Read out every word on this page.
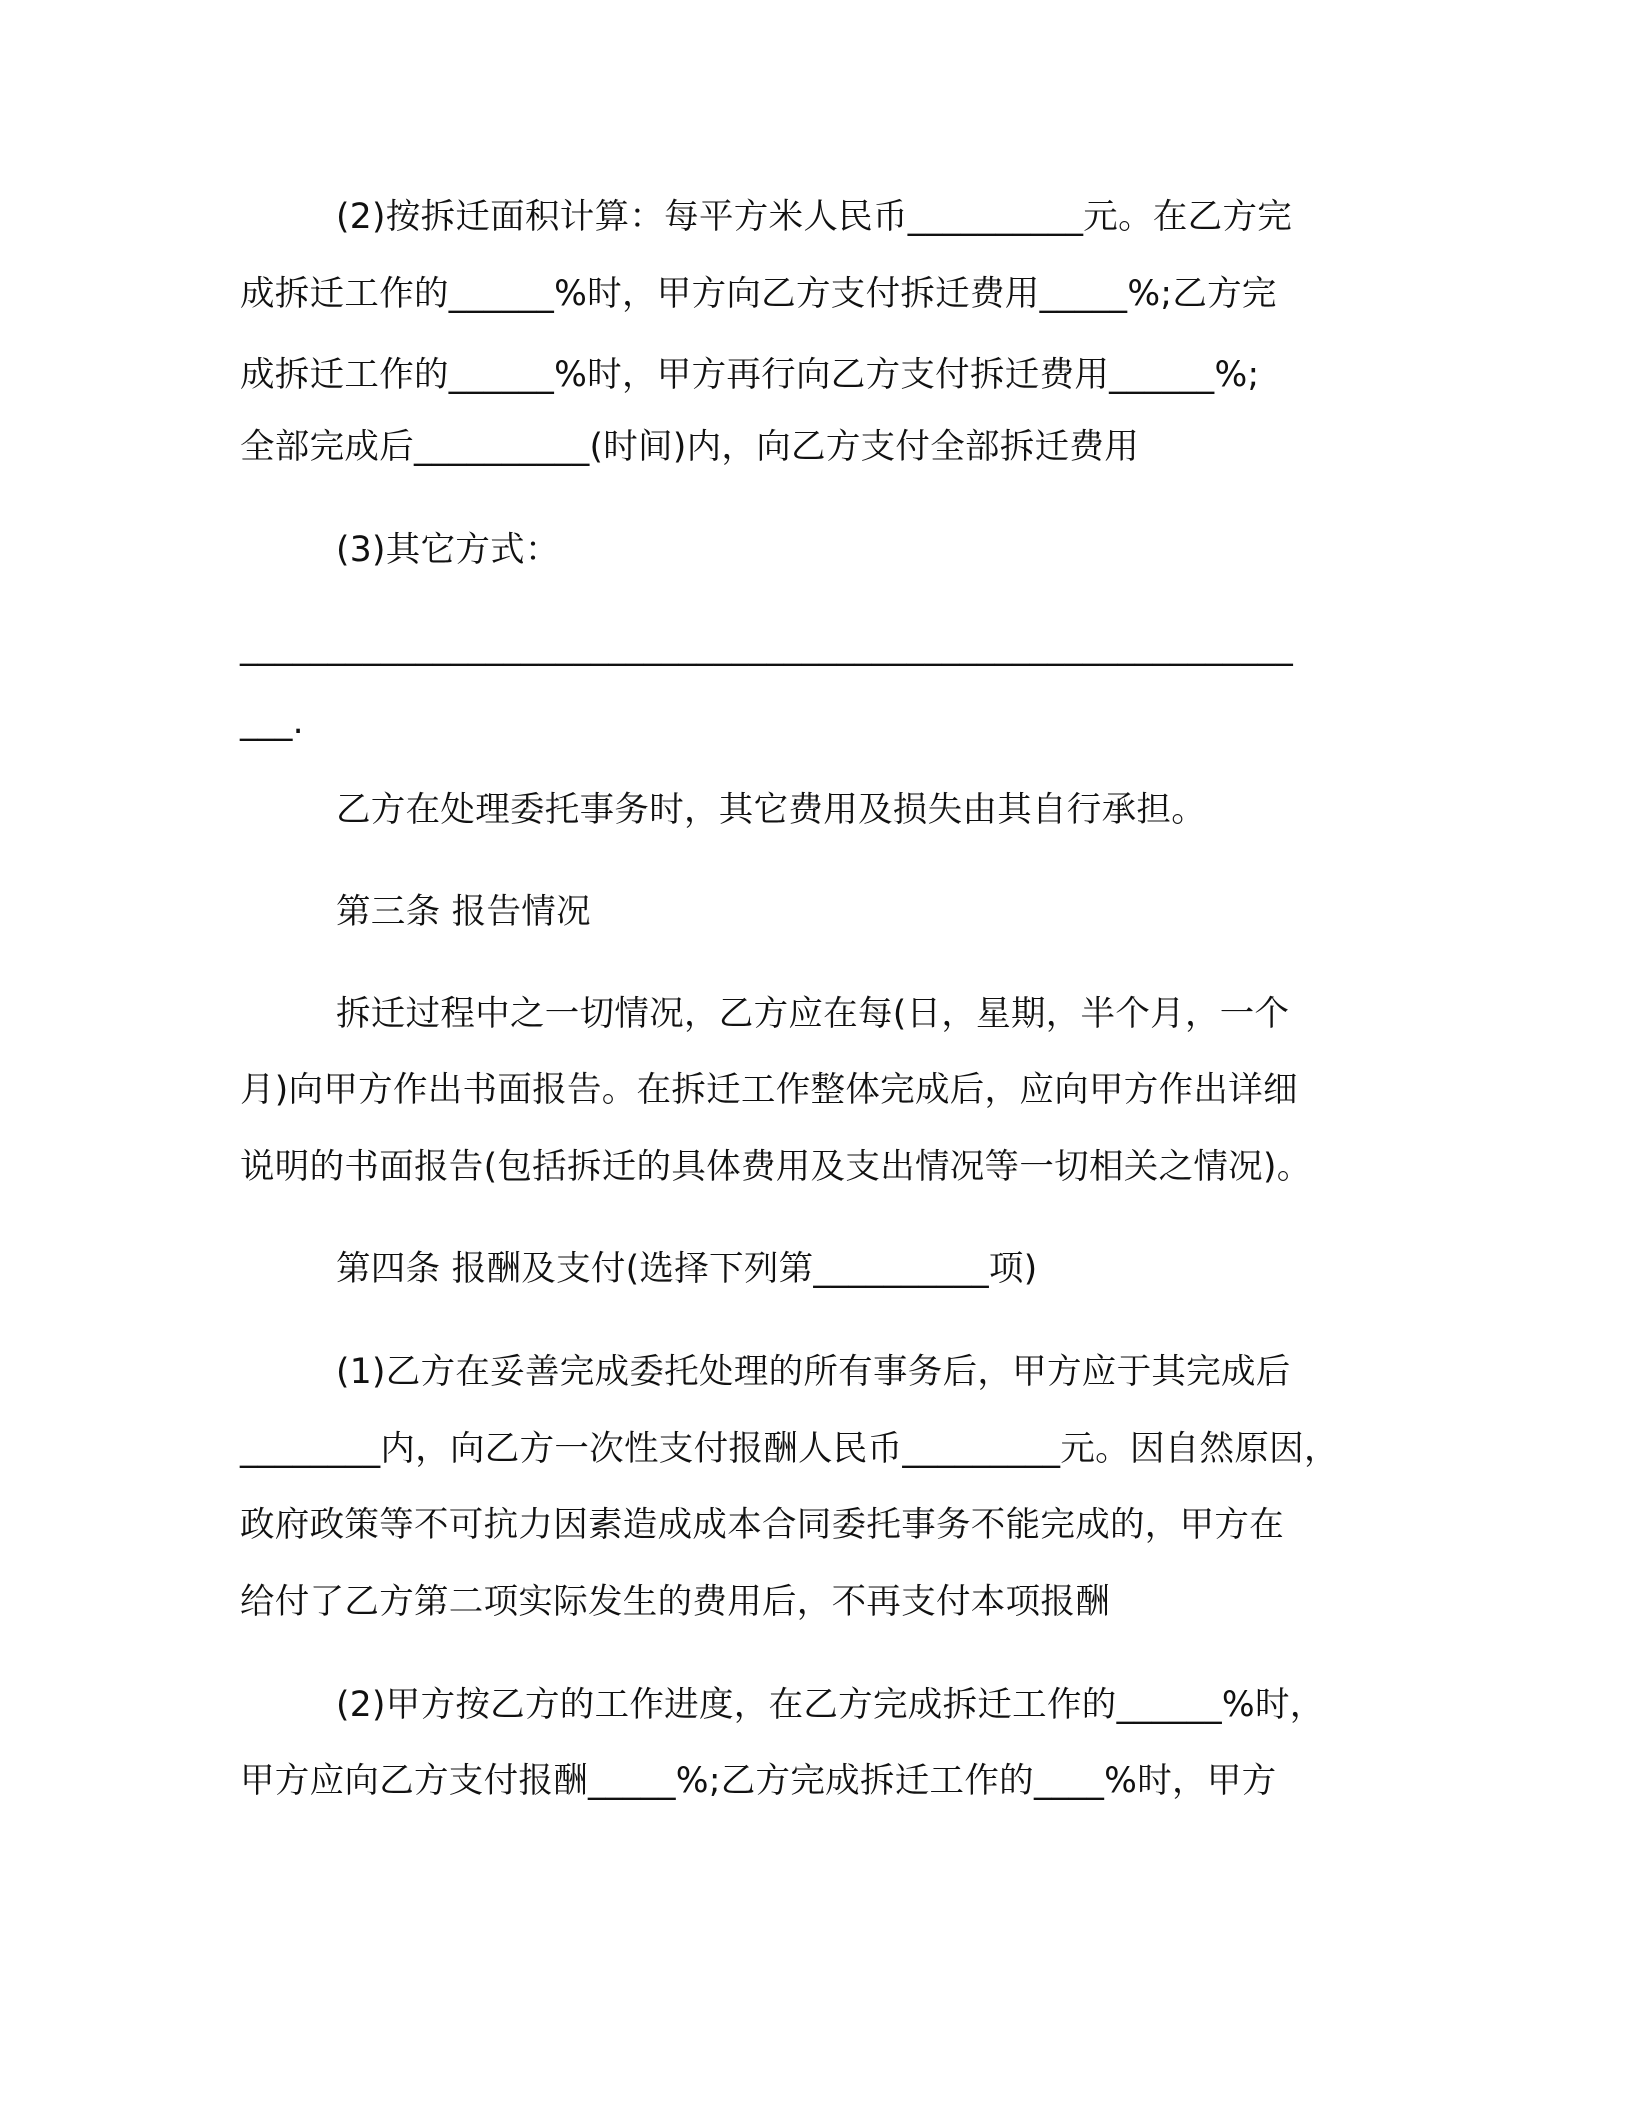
(2)按拆迁面积计算：每平方米人民币__________元。在乙方完

成拆迁工作的______%时，甲方向乙方支付拆迁费用_____%;乙方完

成拆迁工作的______%时，甲方再行向乙方支付拆迁费用______%;

全部完成后__________(时间)内，向乙方支付全部拆迁费用

(3)其它方式：

____________________________________________________________

___.

乙方在处理委托事务时，其它费用及损失由其自行承担。

第三条 报告情况

拆迁过程中之一切情况，乙方应在每(日，星期，半个月，一个

月)向甲方作出书面报告。在拆迁工作整体完成后，应向甲方作出详细

说明的书面报告(包括拆迁的具体费用及支出情况等一切相关之情况)。

第四条 报酬及支付(选择下列第__________项)

(1)乙方在妥善完成委托处理的所有事务后，甲方应于其完成后

________内，向乙方一次性支付报酬人民币_________元。因自然原因，

政府政策等不可抗力因素造成成本合同委托事务不能完成的，甲方在

给付了乙方第二项实际发生的费用后，不再支付本项报酬

(2)甲方按乙方的工作进度，在乙方完成拆迁工作的______%时，

甲方应向乙方支付报酬_____%;乙方完成拆迁工作的____%时，甲方
